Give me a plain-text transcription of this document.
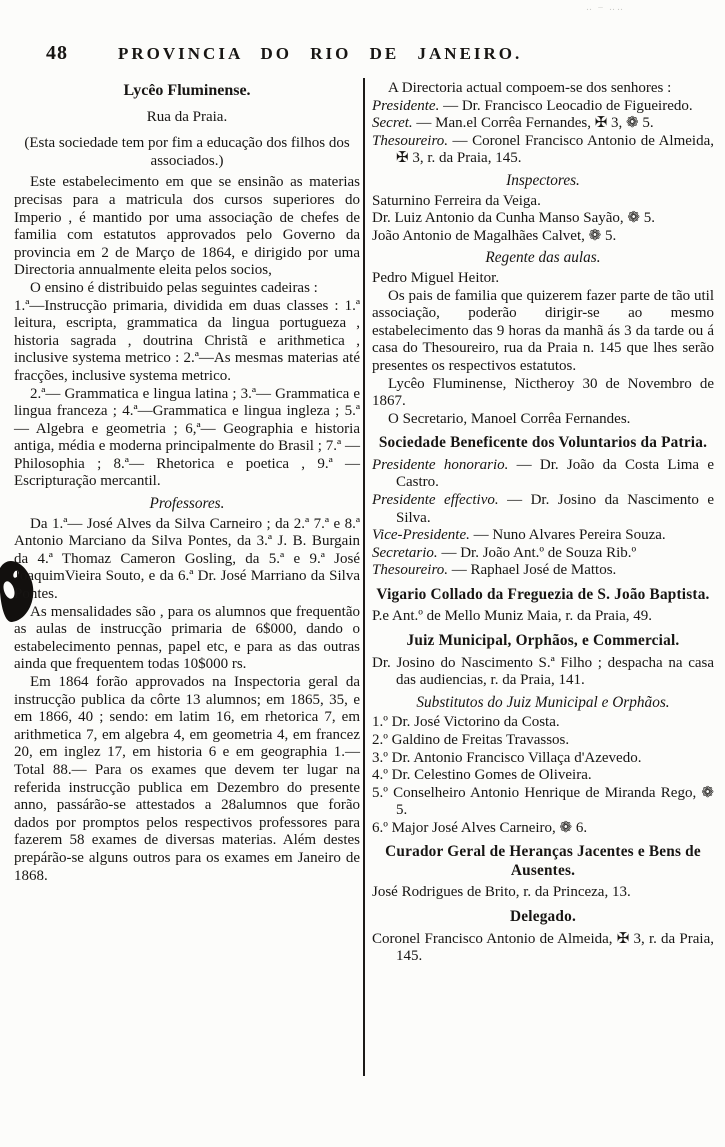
‥ – ‥‥
48	PROVINCIA DO RIO DE JANEIRO.
Lycêo Fluminense.
Rua da Praia.
(Esta sociedade tem por fim a educação dos filhos dos associados.)

Este estabelecimento em que se ensinão as materias precisas para a matricula dos cursos superiores do Imperio , é mantido por uma associação de chefes de familia com estatutos approvados pelo Governo da provincia em 2 de Março de 1864, e dirigido por uma Directoria annualmente eleita pelos socios,

O ensino é distribuido pelas seguintes cadeiras :

1.ª—Instrucção primaria, dividida em duas classes : 1.ª leitura, escripta, grammatica da lingua portugueza , historia sagrada , doutrina Christã e arithmetica , inclusive systema metrico : 2.ª—As mesmas materias até fracções, inclusive systema metrico.

2.ª— Grammatica e lingua latina ; 3.ª— Grammatica e lingua franceza ; 4.ª—Grammatica e lingua ingleza ; 5.ª — Algebra e geometria ; 6,ª— Geographia e historia antiga, média e moderna principalmente do Brasil ; 7.ª — Philosophia ; 8.ª— Rhetorica e poetica , 9.ª — Escripturação mercantil.

Professores.

Da 1.ª— José Alves da Silva Carneiro ; da 2.ª 7.ª e 8.ª Antonio Marciano da Silva Pontes, da 3.ª J. B. Burgain da 4.ª Thomaz Cameron Gosling, da 5.ª e 9.ª José JoaquimVieira Souto, e da 6.ª Dr. José Marriano da Silva Pontes.

As mensalidades são , para os alumnos que frequentão as aulas de instrucção primaria de 6$000, dando o estabelecimento pennas, papel etc, e para as das outras ainda que frequentem todas 10$000 rs.

Em 1864 forão approvados na Inspectoria geral da instrucção publica da côrte 13 alumnos; em 1865, 35, e em 1866, 40 ; sendo: em latim 16, em rhetorica 7, em arithmetica 7, em algebra 4, em geometria 4, em francez 20, em inglez 17, em historia 6 e em geographia 1.— Total 88.— Para os exames que devem ter lugar na referida instrucção publica em Dezembro do presente anno, passárão-se attestados a 28alumnos que forão dados por promptos pelos respectivos professores para fazerem 58 exames de diversas materias. Além destes prepárão-se alguns outros para os exames em Janeiro de 1868.

A Directoria actual compoem-se dos senhores :

Presidente. — Dr. Francisco Leocadio de Figueiredo.

Secret. — Man.el Corrêa Fernandes, ✠ 3, ❁ 5.

Thesoureiro. — Coronel Francisco Antonio de Almeida, ✠ 3, r. da Praia, 145.

Inspectores.

Saturnino Ferreira da Veiga.

Dr. Luiz Antonio da Cunha Manso Sayão, ❁ 5.

João Antonio de Magalhães Calvet, ❁ 5.

Regente das aulas.

Pedro Miguel Heitor.

Os pais de familia que quizerem fazer parte de tão util associação, poderão dirigir-se ao mesmo estabelecimento das 9 horas da manhã ás 3 da tarde ou á casa do Thesoureiro, rua da Praia n. 145 que lhes serão presentes os respectivos estatutos.

Lycêo Fluminense, Nictheroy 30 de Novembro de 1867.

O Secretario, Manoel Corrêa Fernandes.

Sociedade Beneficente dos Voluntarios da Patria.

Presidente honorario. — Dr. João da Costa Lima e Castro.

Presidente effectivo. — Dr. Josino da Nascimento e Silva.

Vice-Presidente. — Nuno Alvares Pereira Souza.

Secretario. — Dr. João Ant.º de Souza Rib.º

Thesoureiro. — Raphael José de Mattos.

Vigario Collado da Freguezia de S. João Baptista.

P.e Ant.º de Mello Muniz Maia, r. da Praia, 49.

Juiz Municipal, Orphãos, e Commercial.

Dr. Josino do Nascimento S.ª Filho ; despacha na casa das audiencias, r. da Praia, 141.

Substitutos do Juiz Municipal e Orphãos.

1.º Dr. José Victorino da Costa.

2.º Galdino de Freitas Travassos.

3.º Dr. Antonio Francisco Villaça d'Azevedo.

4.º Dr. Celestino Gomes de Oliveira.

5.º Conselheiro Antonio Henrique de Miranda Rego, ❁ 5.

6.º Major José Alves Carneiro, ❁ 6.

Curador Geral de Heranças Jacentes e Bens de Ausentes.

José Rodrigues de Brito, r. da Princeza, 13.

Delegado.

Coronel Francisco Antonio de Almeida, ✠ 3, r. da Praia, 145.
